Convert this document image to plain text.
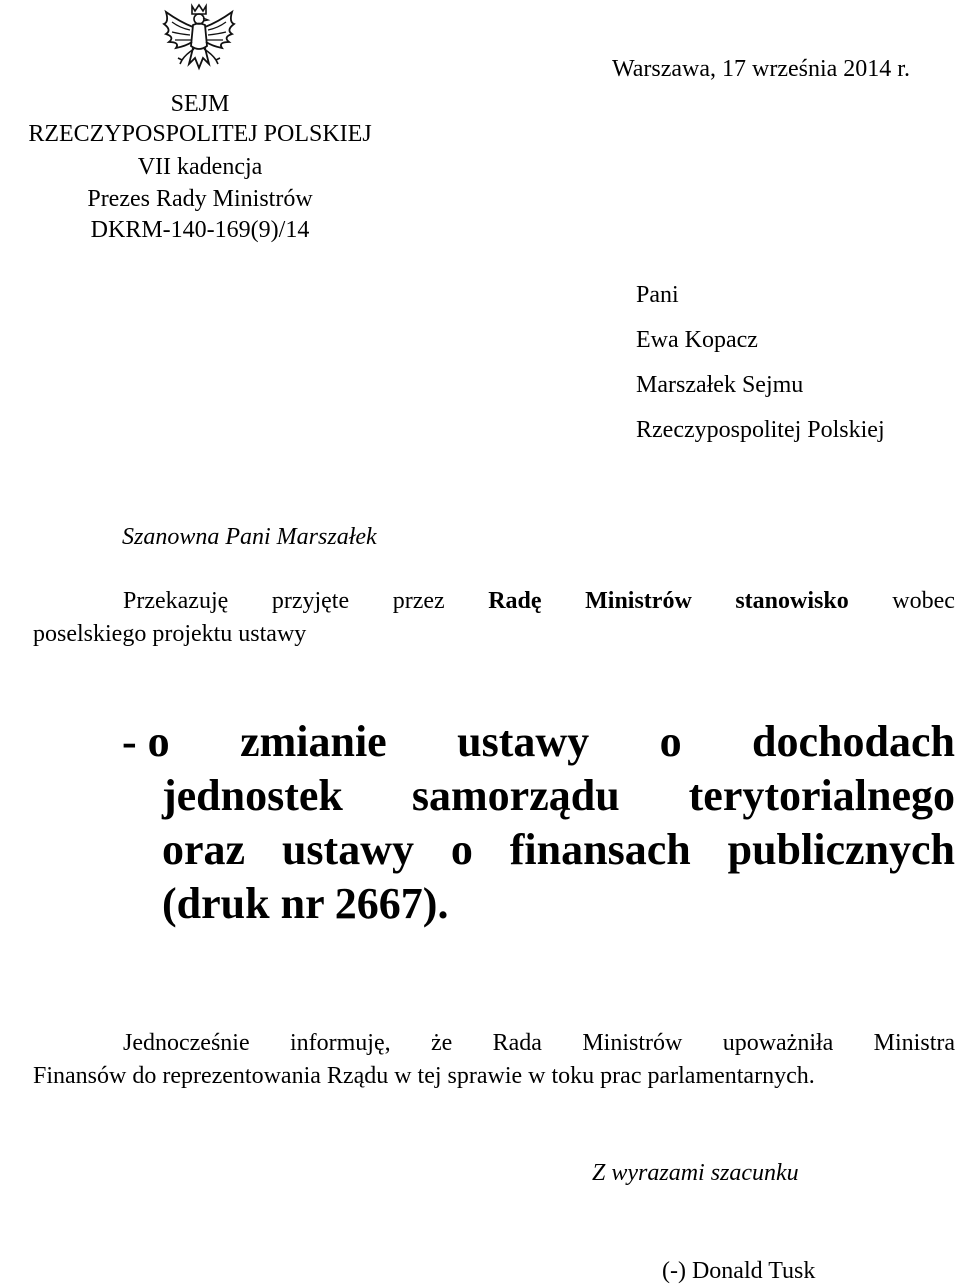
SEJM
RZECZYPOSPOLITEJ POLSKIEJ
VII kadencja
Prezes Rady Ministrów
DKRM-140-169(9)/14
Warszawa, 17 września 2014 r.
Pani
Ewa Kopacz
Marszałek Sejmu
Rzeczypospolitej Polskiej
Szanowna Pani Marszałek
Przekazuję przyjęte przez Radę Ministrów stanowisko wobec
poselskiego projektu ustawy
- o zmianie ustawy o dochodach
jednostek samorządu terytorialnego
oraz ustawy o finansach publicznych
(druk nr 2667).
Jednocześnie informuję, że Rada Ministrów upoważniła Ministra
Finansów do reprezentowania Rządu w tej sprawie w toku prac parlamentarnych.
Z wyrazami szacunku
(-) Donald Tusk
